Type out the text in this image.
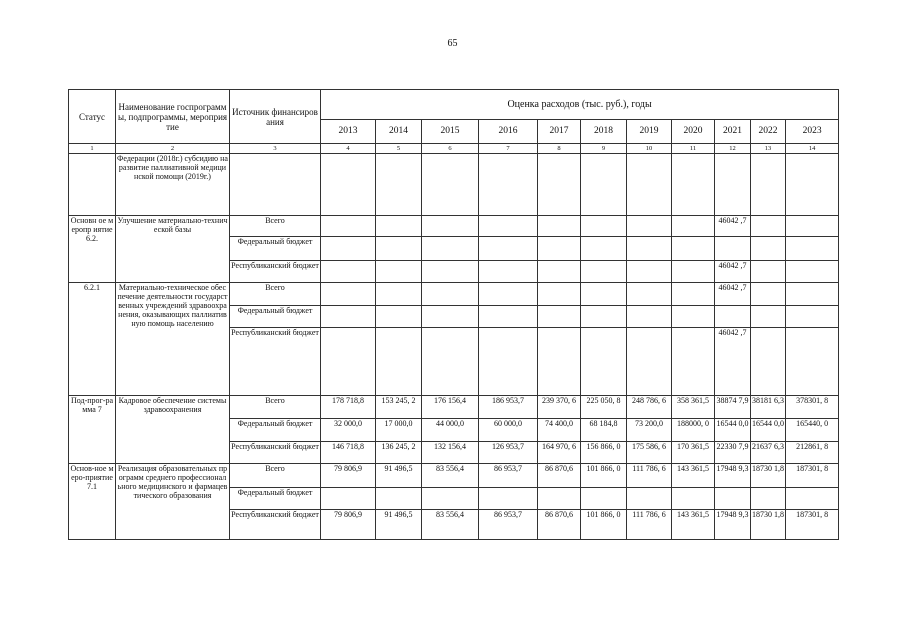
65
Статус	Наименование госпрограммы, подпрограммы, мероприятие	Источник финансирования	Оценка расходов (тыс. руб.), годы										
			2013	2014	2015	2016	2017	2018	2019	2020	2021	2022	2023
1	2	3	4	5	6	7	8	9	10	11	12	13	14
	Федерации (2018г.) субсидию на развитие паллиативной медицинской помощи (2019г.)												
Основн ое меропр иятие 6.2.	Улучшение материально-технической базы	Всего									46042 ,7		
		Федеральный бюджет											
		Республиканский бюджет									46042 ,7		
6.2.1	Материально-техническое обеспечение деятельности государственных учреждений здравоохранения, оказывающих паллиативную помощь населению	Всего									46042 ,7		
		Федеральный бюджет											
		Республиканский бюджет									46042 ,7		
Под-прог-рамма 7	Кадровое обеспечение системы здравоохранения	Всего	178 718,8	153 245, 2	176 156,4	186 953,7	239 370, 6	225 050, 8	248 786, 6	358 361,5	38874 7,9	38181 6,3	378301, 8
		Федеральный бюджет	32 000,0	17 000,0	44 000,0	60 000,0	74 400,0	68 184,8	73 200,0	188000, 0	16544 0,0	16544 0,0	165440, 0
		Республиканский бюджет	146 718,8	136 245, 2	132 156,4	126 953,7	164 970, 6	156 866, 0	175 586, 6	170 361,5	22330 7,9	21637 6,3	212861, 8
Основ-ное меро-приятие 7.1	Реализация образовательных программ среднего профессионального медицинского и фармацевтического образования	Всего	79 806,9	91 496,5	83 556,4	86 953,7	86 870,6	101 866, 0	111 786, 6	143 361,5	17948 9,3	18730 1,8	187301, 8
		Федеральный бюджет											
		Республиканский бюджет	79 806,9	91 496,5	83 556,4	86 953,7	86 870,6	101 866, 0	111 786, 6	143 361,5	17948 9,3	18730 1,8	187301, 8
